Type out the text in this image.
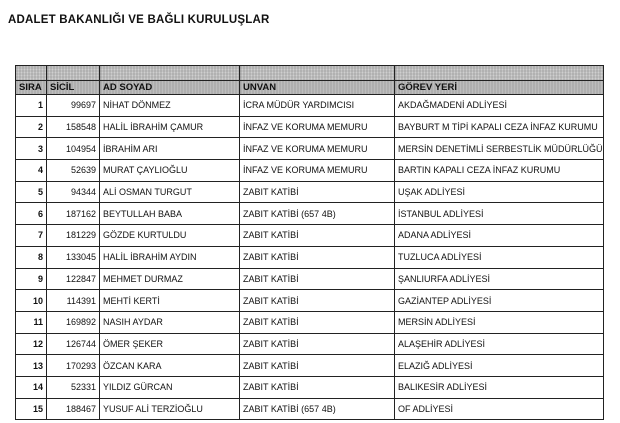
ADALET BAKANLIĞI VE BAĞLI KURULUŞLAR

SIRA	SİCİL	AD SOYAD	UNVAN	GÖREV YERİ
1	99697	NİHAT DÖNMEZ	İCRA MÜDÜR YARDIMCISI	AKDAĞMADENİ ADLİYESİ
2	158548	HALİL İBRAHİM ÇAMUR	İNFAZ VE KORUMA MEMURU	BAYBURT M TİPİ KAPALI CEZA İNFAZ KURUMU
3	104954	İBRAHİM ARI	İNFAZ VE KORUMA MEMURU	MERSİN DENETİMLİ SERBESTLİK MÜDÜRLÜĞÜ
4	52639	MURAT ÇAYLIOĞLU	İNFAZ VE KORUMA MEMURU	BARTIN KAPALI CEZA İNFAZ KURUMU
5	94344	ALİ OSMAN TURGUT	ZABIT KATİBİ	UŞAK ADLİYESİ
6	187162	BEYTULLAH BABA	ZABIT KATİBİ (657 4B)	İSTANBUL ADLİYESİ
7	181229	GÖZDE KURTULDU	ZABIT KATİBİ	ADANA ADLİYESİ
8	133045	HALİL İBRAHİM AYDIN	ZABIT KATİBİ	TUZLUCA ADLİYESİ
9	122847	MEHMET DURMAZ	ZABIT KATİBİ	ŞANLIURFA ADLİYESİ
10	114391	MEHTİ KERTİ	ZABIT KATİBİ	GAZİANTEP ADLİYESİ
11	169892	NASIH AYDAR	ZABIT KATİBİ	MERSİN ADLİYESİ
12	126744	ÖMER ŞEKER	ZABIT KATİBİ	ALAŞEHİR ADLİYESİ
13	170293	ÖZCAN KARA	ZABIT KATİBİ	ELAZIĞ ADLİYESİ
14	52331	YILDIZ GÜRCAN	ZABIT KATİBİ	BALIKESİR ADLİYESİ
15	188467	YUSUF ALİ TERZİOĞLU	ZABIT KATİBİ (657 4B)	OF ADLİYESİ
